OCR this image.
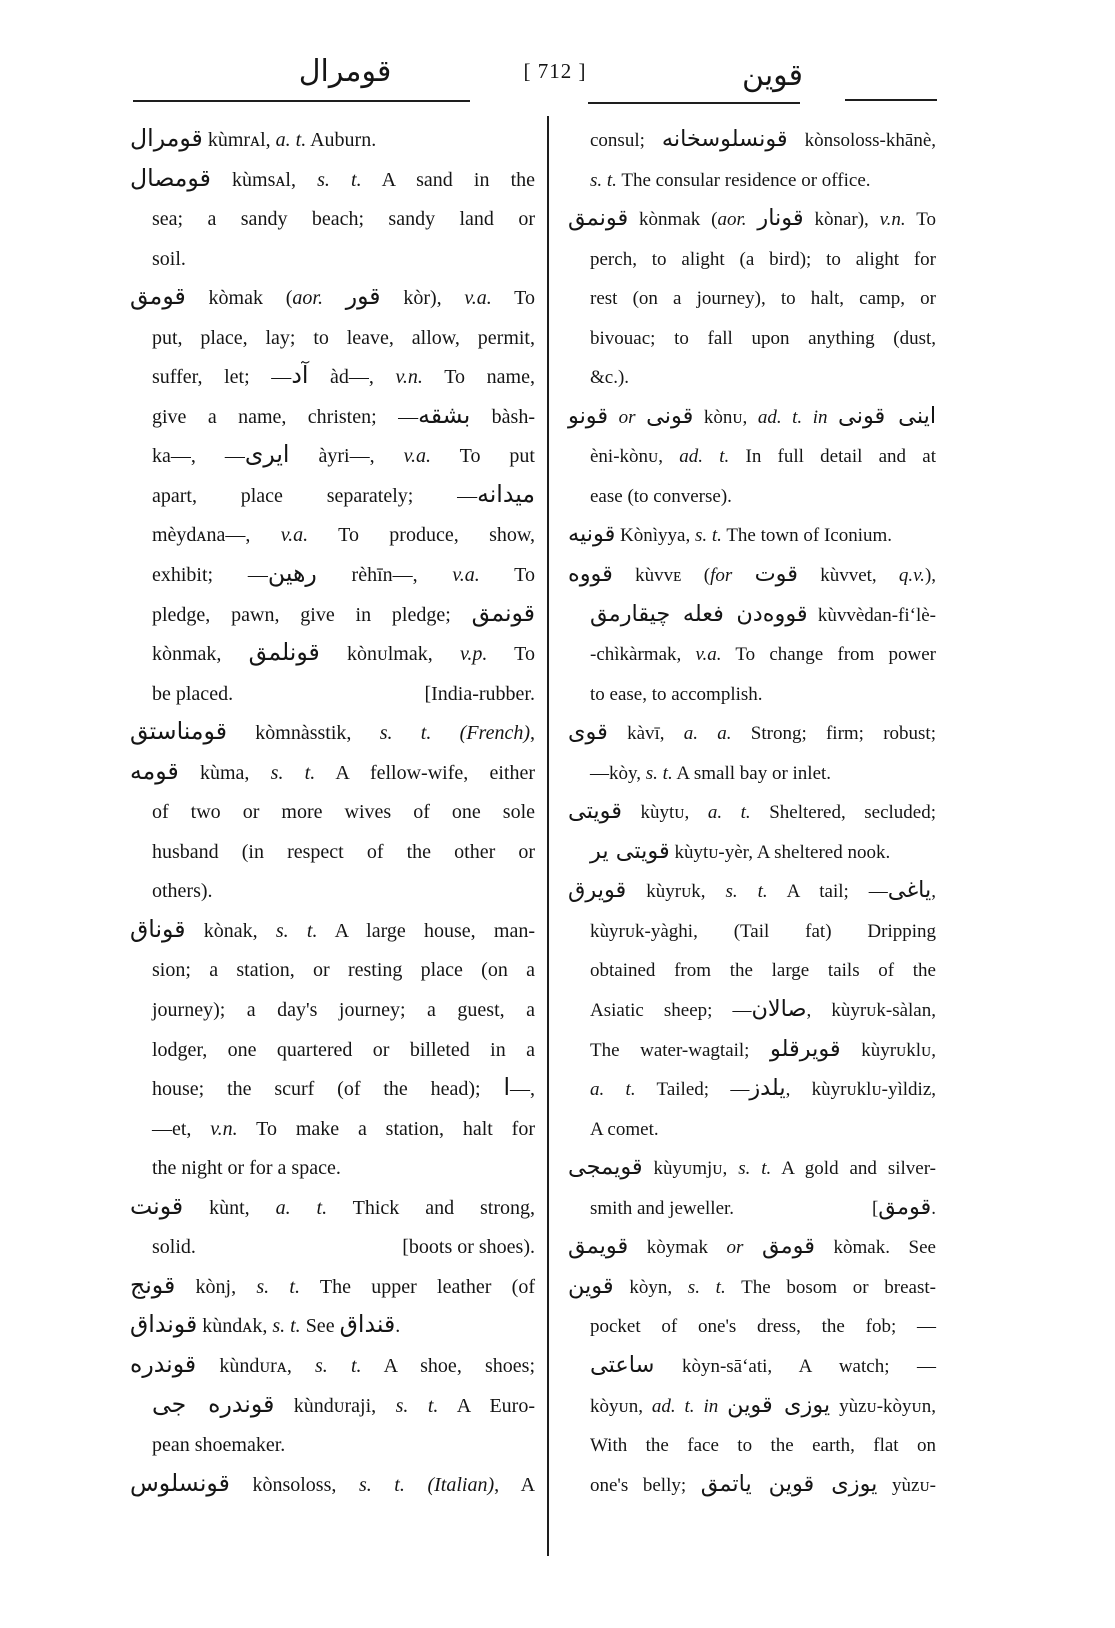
قومرال	[ 712 ]	قوين
قومرال kùmrᴀl, a. t. Auburn.
قومصال kùmsᴀl, s. t. A sand in the
sea; a sandy beach; sandy land or
soil.
قومق kòmak (aor. قور kòr), v.a. To
put, place, lay; to leave, allow, permit,
suffer, let; —آد àd—, v.n. To name,
give a name, christen; —بشقه bàsh-
ka—, —ايرى àyri—, v.a. To put
apart, place separately; —ميدانه
mèydᴀna—, v.a. To produce, show,
exhibit; —رهين rèhīn—, v.a. To
pledge, pawn, give in pledge; قونمق
kònmak, قونلمق kònᴜlmak, v.p. To
be placed.	[India-rubber.
قومناستق kòmnàsstik, s. t. (French),
قومه kùma, s. t. A fellow-wife, either
of two or more wives of one sole
husband (in respect of the other or
others).
قوناق kònak, s. t. A large house, man-
sion; a station, or resting place (on a
journey); a day's journey; a guest, a
lodger, one quartered or billeted in a
house; the scurf (of the head); ا—,
—et, v.n. To make a station, halt for
the night or for a space.
قونت kùnt, a. t. Thick and strong,
solid.	[boots or shoes).
قونج kònj, s. t. The upper leather (of
قونداق kùndᴀk, s. t. See قنداق.
قوندره kùndᴜrᴀ, s. t. A shoe, shoes;
قوندره جى kùndᴜraji, s. t. A Euro-
pean shoemaker.
قونسلوس kònsoloss, s. t. (Italian), A
consul; قونسلوسخانه kònsoloss-khānè,
s. t. The consular residence or office.
قونمق kònmak (aor. قونار kònar), v.n. To
perch, to alight (a bird); to alight for
rest (on a journey), to halt, camp, or
bivouac; to fall upon anything (dust,
&c.).
قونو or قونى kònᴜ, ad. t. in اينى قونى
èni-kònᴜ, ad. t. In full detail and at
ease (to converse).
قونيه Kònìyya, s. t. The town of Iconium.
قووه kùvvᴇ (for قوت kùvvet, q.v.),
قووه‌دن فعله چيقارمق kùvvèdan-fi‘lè-
-chìkàrmak, v.a. To change from power
to ease, to accomplish.
قوى kàvī, a. a. Strong; firm; robust;
—kòy, s. t. A small bay or inlet.
قويتى kùytᴜ, a. t. Sheltered, secluded;
قويتى ير kùytᴜ-yèr, A sheltered nook.
قويرق kùyrᴜk, s. t. A tail; —ياغى,
kùyrᴜk-yàghi, (Tail fat) Dripping
obtained from the large tails of the
Asiatic sheep; —صالان, kùyrᴜk-sàlan,
The water-wagtail; قويرقلو kùyrᴜklᴜ,
a. t. Tailed; —يلدز, kùyrᴜklᴜ-yìldiz,
A comet.
قويمجى kùyᴜmjᴜ, s. t. A gold and silver-
smith and jeweller.	[قومق.
قويمق kòymak or قومق kòmak. See
قوين kòyn, s. t. The bosom or breast-
pocket of one's dress, the fob; —
ساعتى kòyn-sā‘ati, A watch; —
kòyᴜn, ad. t. in يوزى قوين yùzᴜ-kòyᴜn,
With the face to the earth, flat on
one's belly; يوزى قوين ياتمق yùzᴜ-
